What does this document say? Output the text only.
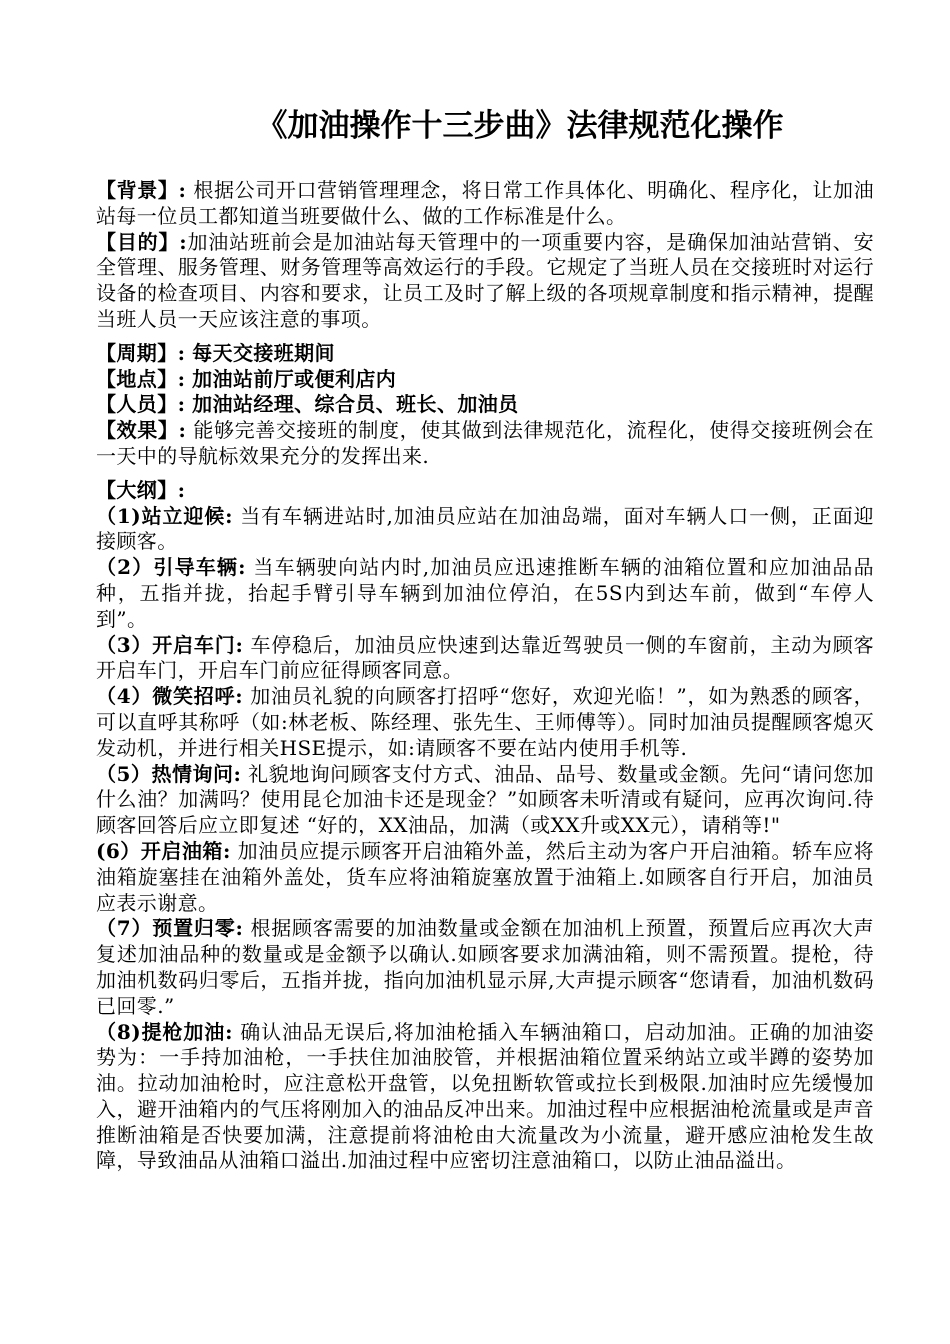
《加油操作十三步曲》法律规范化操作

【背景】: 根据公司开口营销管理理念，将日常工作具体化、明确化、程序化，让加油站每一位员工都知道当班要做什么、做的工作标准是什么。

【目的】:加油站班前会是加油站每天管理中的一项重要内容，是确保加油站营销、安全管理、服务管理、财务管理等高效运行的手段。它规定了当班人员在交接班时对运行设备的检查项目、内容和要求，让员工及时了解上级的各项规章制度和指示精神，提醒当班人员一天应该注意的事项。

【周期】: 每天交接班期间

【地点】: 加油站前厅或便利店内

【人员】: 加油站经理、综合员、班长、加油员

【效果】: 能够完善交接班的制度，使其做到法律规范化，流程化，使得交接班例会在一天中的导航标效果充分的发挥出来.

【大纲】:

（1)站立迎候: 当有车辆进站时,加油员应站在加油岛端，面对车辆人口一侧，正面迎接顾客。

（2）引导车辆: 当车辆驶向站内时,加油员应迅速推断车辆的油箱位置和应加油品品种，五指并拢，抬起手臂引导车辆到加油位停泊，在5S内到达车前，做到“车停人到”。

（3）开启车门: 车停稳后，加油员应快速到达靠近驾驶员一侧的车窗前，主动为顾客开启车门，开启车门前应征得顾客同意。

（4）微笑招呼: 加油员礼貌的向顾客打招呼“您好，欢迎光临！”，如为熟悉的顾客，可以直呼其称呼（如:林老板、陈经理、张先生、王师傅等）。同时加油员提醒顾客熄灭发动机，并进行相关HSE提示，如:请顾客不要在站内使用手机等.

（5）热情询问: 礼貌地询问顾客支付方式、油品、品号、数量或金额。先问“请问您加什么油？加满吗？使用昆仑加油卡还是现金？”如顾客未听清或有疑问，应再次询问.待顾客回答后应立即复述 “好的，XX油品，加满（或XX升或XX元），请稍等!"

(6）开启油箱: 加油员应提示顾客开启油箱外盖，然后主动为客户开启油箱。轿车应将油箱旋塞挂在油箱外盖处，货车应将油箱旋塞放置于油箱上.如顾客自行开启，加油员应表示谢意。

（7）预置归零: 根据顾客需要的加油数量或金额在加油机上预置，预置后应再次大声复述加油品种的数量或是金额予以确认.如顾客要求加满油箱，则不需预置。提枪，待加油机数码归零后，五指并拢，指向加油机显示屏,大声提示顾客“您请看，加油机数码已回零.”

（8)提枪加油: 确认油品无误后,将加油枪插入车辆油箱口，启动加油。正确的加油姿势为：一手持加油枪，一手扶住加油胶管，并根据油箱位置采纳站立或半蹲的姿势加油。拉动加油枪时，应注意松开盘管，以免扭断软管或拉长到极限.加油时应先缓慢加入，避开油箱内的气压将刚加入的油品反冲出来。加油过程中应根据油枪流量或是声音推断油箱是否快要加满，注意提前将油枪由大流量改为小流量，避开感应油枪发生故障，导致油品从油箱口溢出.加油过程中应密切注意油箱口，以防止油品溢出。
